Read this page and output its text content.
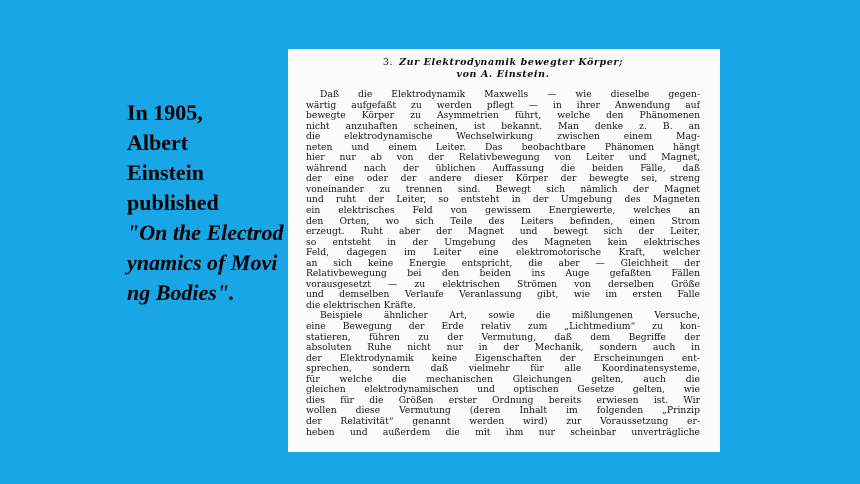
In 1905,
Albert
Einstein
published
"On the Electrodynamics of Moving Bodies".
3. Zur Elektrodynamik bewegter Körper;
von A. Einstein.
Daß die Elektrodynamik Maxwells — wie dieselbe gegen-
wärtig aufgefaßt zu werden pflegt — in ihrer Anwendung auf
bewegte Körper zu Asymmetrien führt, welche den Phänomenen
nicht anzuhaften scheinen, ist bekannt. Man denke z. B. an
die elektrodynamische Wechselwirkung zwischen einem Mag-
neten und einem Leiter. Das beobachtbare Phänomen hängt
hier nur ab von der Relativbewegung von Leiter und Magnet,
während nach der üblichen Auffassung die beiden Fälle, daß
der eine oder der andere dieser Körper der bewegte sei, streng
voneinander zu trennen sind. Bewegt sich nämlich der Magnet
und ruht der Leiter, so entsteht in der Umgebung des Magneten
ein elektrisches Feld von gewissem Energiewerte, welches an
den Orten, wo sich Teile des Leiters befinden, einen Strom
erzeugt. Ruht aber der Magnet und bewegt sich der Leiter,
so entsteht in der Umgebung des Magneten kein elektrisches
Feld, dagegen im Leiter eine elektromotorische Kraft, welcher
an sich keine Energie entspricht, die aber — Gleichheit der
Relativbewegung bei den beiden ins Auge gefaßten Fällen
vorausgesetzt — zu elektrischen Strömen von derselben Größe
und demselben Verlaufe Veranlassung gibt, wie im ersten Falle
die elektrischen Kräfte.
Beispiele ähnlicher Art, sowie die mißlungenen Versuche,
eine Bewegung der Erde relativ zum „Lichtmedium“ zu kon-
statieren, führen zu der Vermutung, daß dem Begriffe der
absoluten Ruhe nicht nur in der Mechanik, sondern auch in
der Elektrodynamik keine Eigenschaften der Erscheinungen ent-
sprechen, sondern daß vielmehr für alle Koordinatensysteme,
für welche die mechanischen Gleichungen gelten, auch die
gleichen elektrodynamischen und optischen Gesetze gelten, wie
dies für die Größen erster Ordnung bereits erwiesen ist. Wir
wollen diese Vermutung (deren Inhalt im folgenden „Prinzip
der Relativität“ genannt werden wird) zur Voraussetzung er-
heben und außerdem die mit ihm nur scheinbar unverträgliche
